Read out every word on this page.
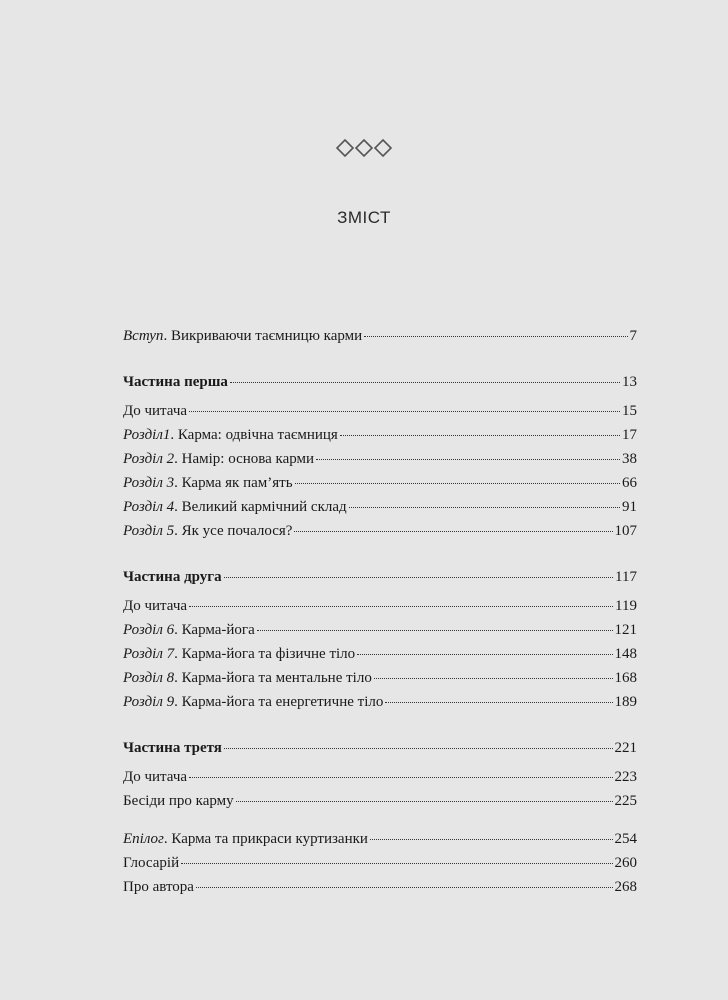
ЗМІСТ
Вступ. Викриваючи таємницю карми	7
Частина перша	13
До читача	15
Розділ1. Карма: одвічна таємниця	17
Розділ 2. Намір: основа карми	38
Розділ 3. Карма як пам’ять	66
Розділ 4. Великий кармічний склад	91
Розділ 5. Як усе почалося?	107
Частина друга	117
До читача	119
Розділ 6. Карма-йога	121
Розділ 7. Карма-йога та фізичне тіло	148
Розділ 8. Карма-йога та ментальне тіло	168
Розділ 9. Карма-йога та енергетичне тіло	189
Частина третя	221
До читача	223
Бесіди про карму	225
Епілог. Карма та прикраси куртизанки	254
Глосарій	260
Про автора	268
